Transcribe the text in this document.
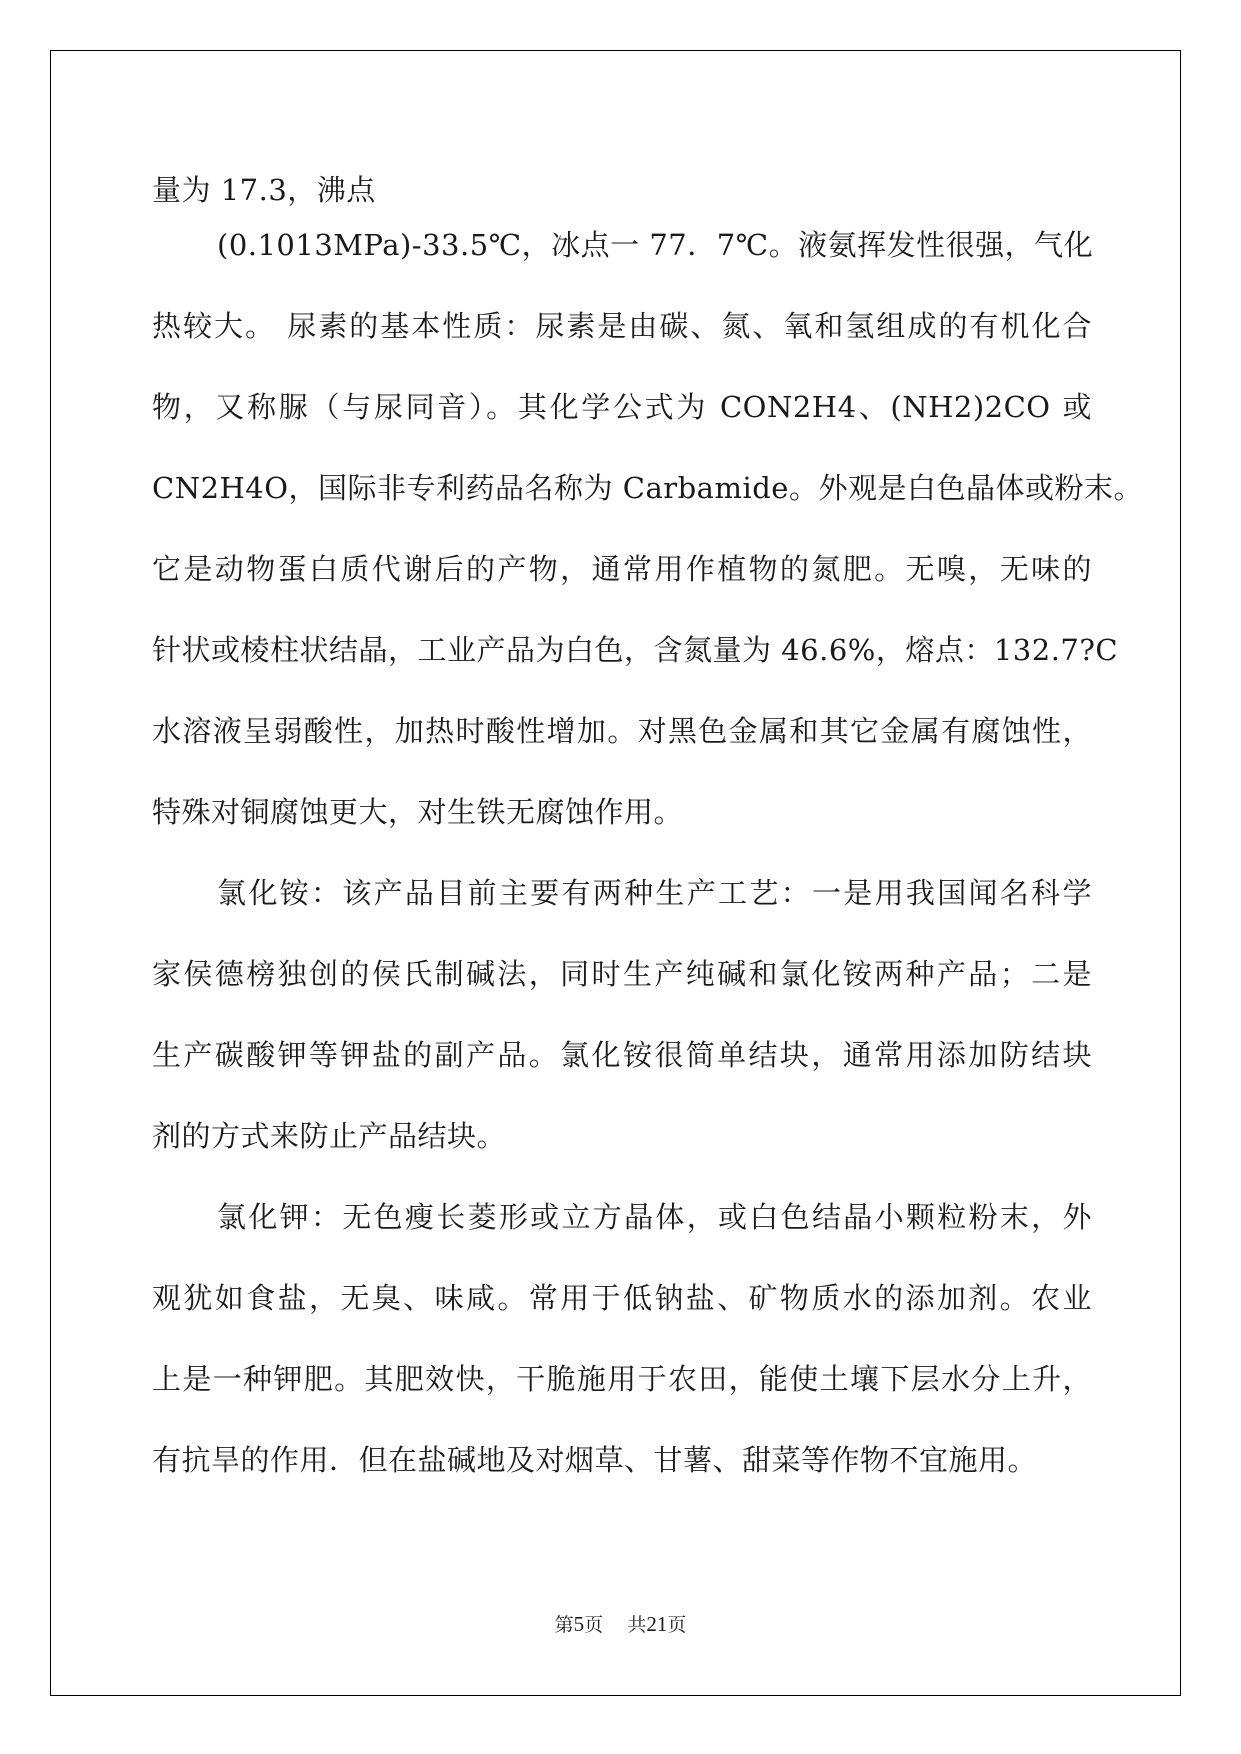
量为 17.3，沸点
(0.1013MPa)-33.5℃，冰点一 77．7℃。液氨挥发性很强，气化
热较大。 尿素的基本性质：尿素是由碳、氮、氧和氢组成的有机化合
物，又称脲（与尿同音）。其化学公式为 CON2H4、(NH2)2CO 或
CN2H4O，国际非专利药品名称为 Carbamide。外观是白色晶体或粉末。
它是动物蛋白质代谢后的产物，通常用作植物的氮肥。无嗅，无味的
针状或棱柱状结晶，工业产品为白色，含氮量为 46.6%，熔点：132.7?C
水溶液呈弱酸性，加热时酸性增加。对黑色金属和其它金属有腐蚀性，
特殊对铜腐蚀更大，对生铁无腐蚀作用。
氯化铵：该产品目前主要有两种生产工艺：一是用我国闻名科学
家侯德榜独创的侯氏制碱法，同时生产纯碱和氯化铵两种产品；二是
生产碳酸钾等钾盐的副产品。氯化铵很简单结块，通常用添加防结块
剂的方式来防止产品结块。
氯化钾：无色瘦长菱形或立方晶体，或白色结晶小颗粒粉末，外
观犹如食盐，无臭、味咸。常用于低钠盐、矿物质水的添加剂。农业
上是一种钾肥。其肥效快，干脆施用于农田，能使土壤下层水分上升，
有抗旱的作用．但在盐碱地及对烟草、甘薯、甜菜等作物不宜施用。
第5页 共21页
